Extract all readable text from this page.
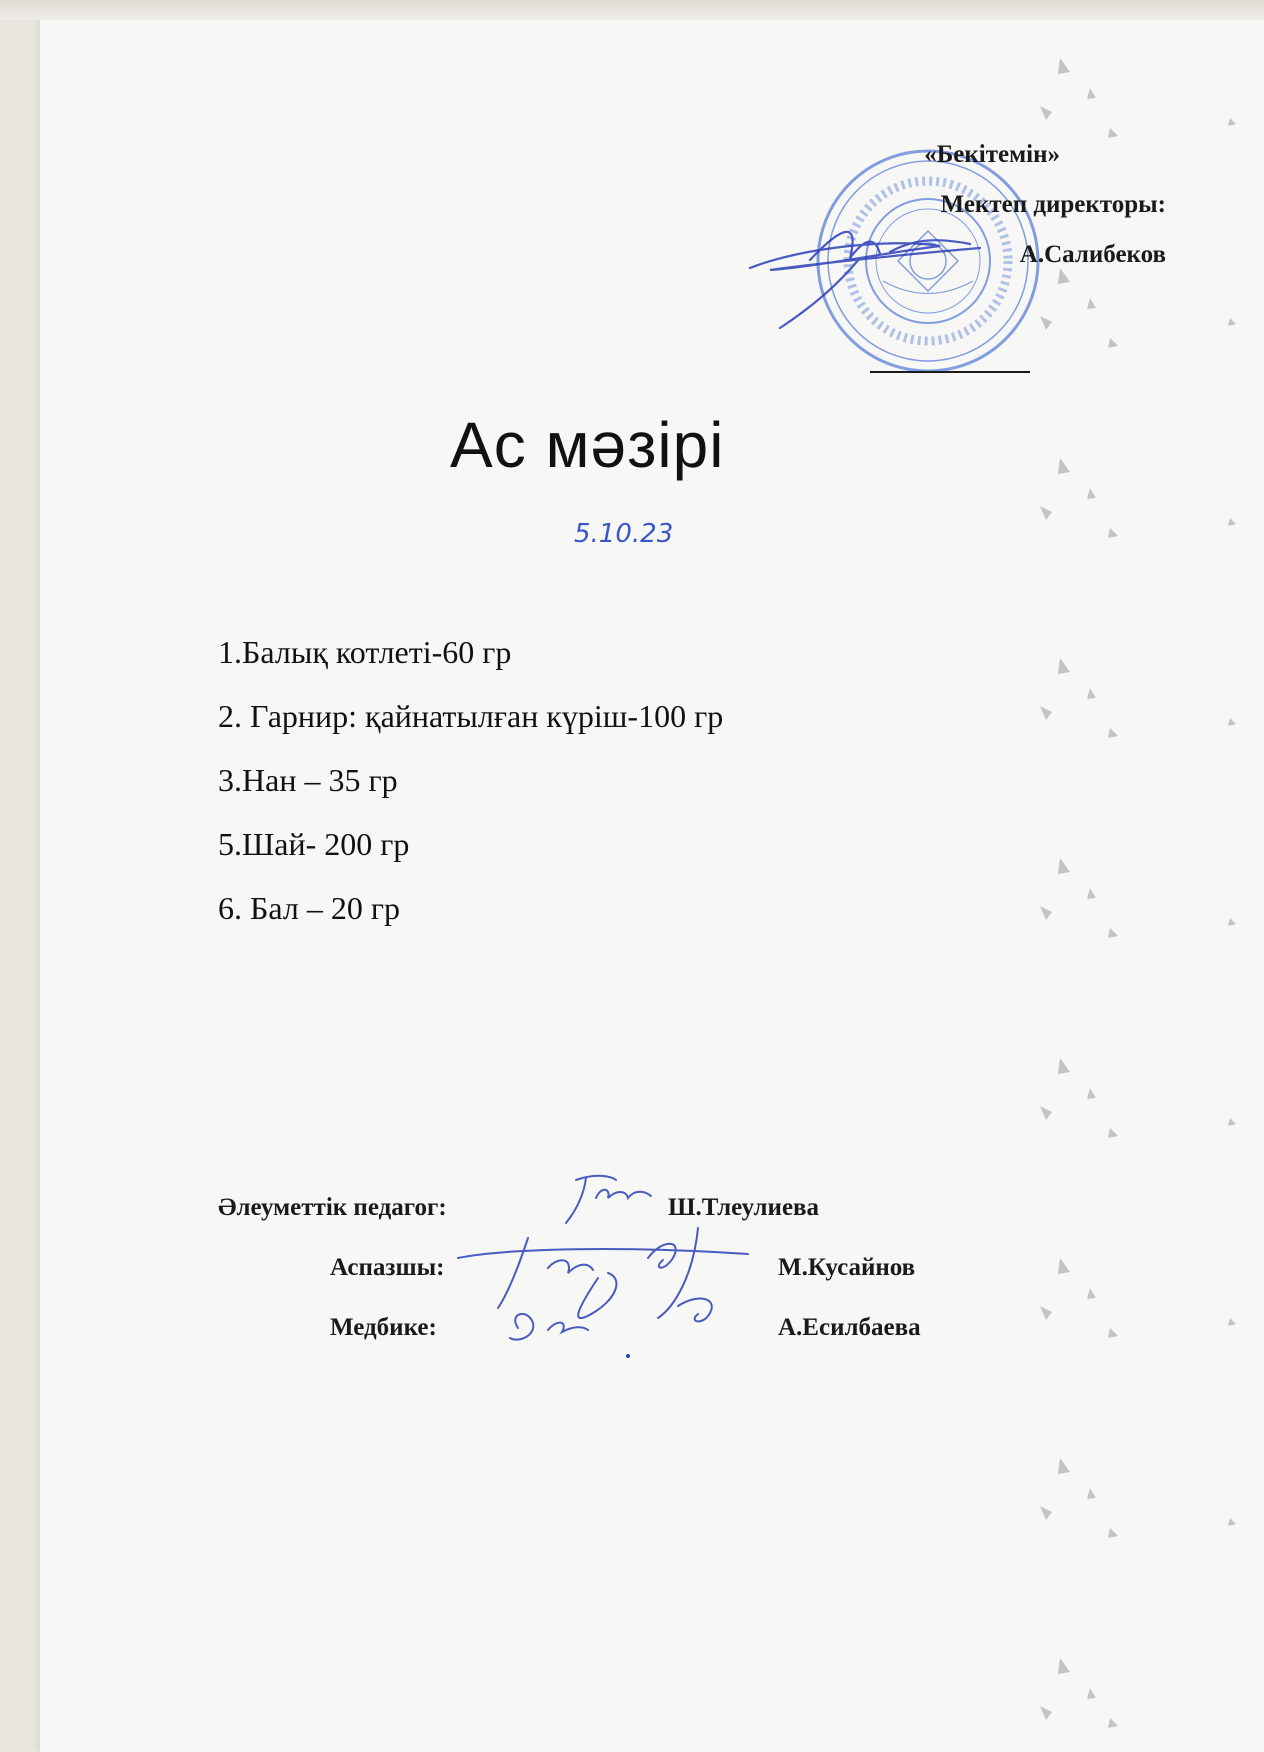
«Бекітемін»
Мектеп директоры:
А.Салибеков
Ас мәзірі
5.10.23
1.Балық котлеті-60 гр
2. Гарнир: қайнатылған күріш-100 гр
3.Нан – 35 гр
5.Шай- 200 гр
6. Бал – 20 гр
Әлеуметтік педагог:	Ш.Тлеулиева
Аспазшы:	М.Кусайнов
Медбике:	А.Есилбаева
